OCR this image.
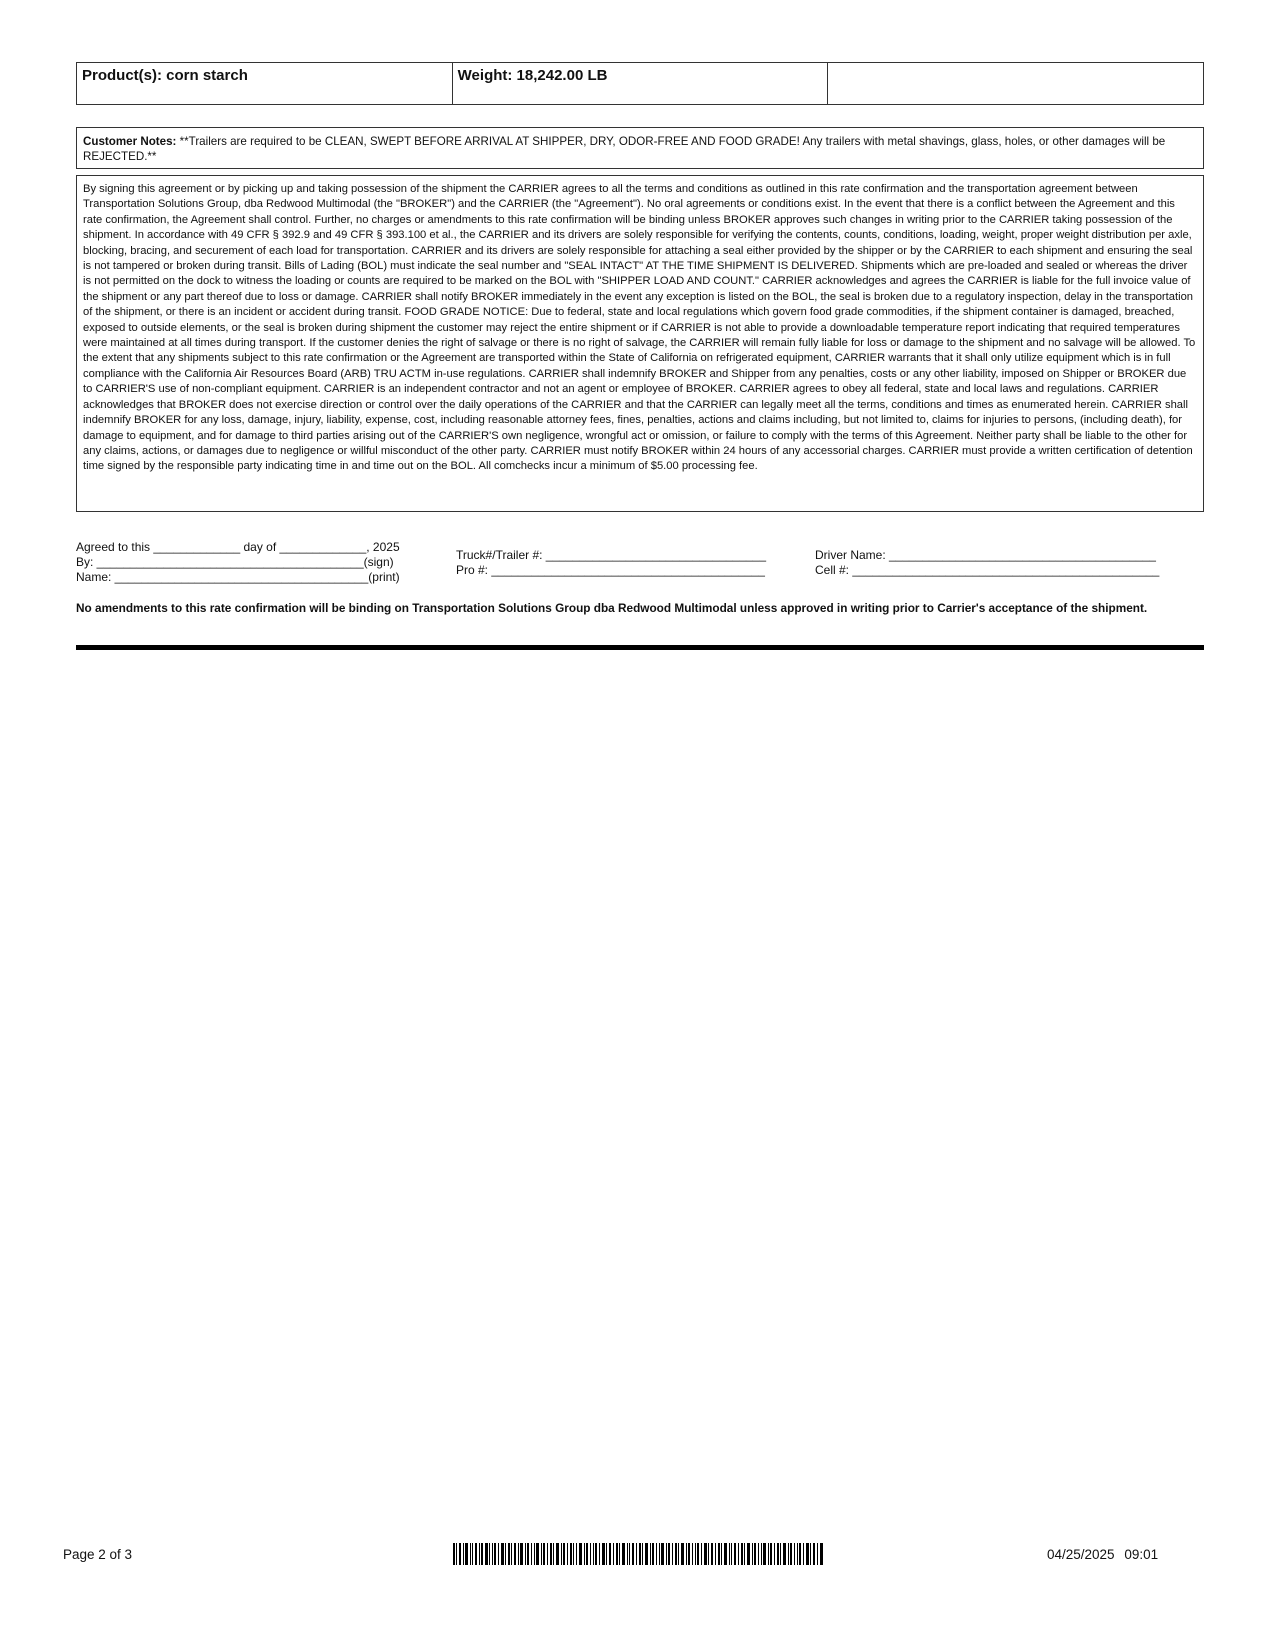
Product(s): corn starch	Weight: 18,242.00 LB
Customer Notes: **Trailers are required to be CLEAN, SWEPT BEFORE ARRIVAL AT SHIPPER, DRY, ODOR-FREE AND FOOD GRADE! Any trailers with metal shavings, glass, holes, or other damages will be REJECTED.**
By signing this agreement or by picking up and taking possession of the shipment the CARRIER agrees to all the terms and conditions as outlined in this rate confirmation and the transportation agreement between Transportation Solutions Group, dba Redwood Multimodal (the "BROKER") and the CARRIER (the "Agreement"). No oral agreements or conditions exist. In the event that there is a conflict between the Agreement and this rate confirmation, the Agreement shall control. Further, no charges or amendments to this rate confirmation will be binding unless BROKER approves such changes in writing prior to the CARRIER taking possession of the shipment. In accordance with 49 CFR § 392.9 and 49 CFR § 393.100 et al., the CARRIER and its drivers are solely responsible for verifying the contents, counts, conditions, loading, weight, proper weight distribution per axle, blocking, bracing, and securement of each load for transportation. CARRIER and its drivers are solely responsible for attaching a seal either provided by the shipper or by the CARRIER to each shipment and ensuring the seal is not tampered or broken during transit. Bills of Lading (BOL) must indicate the seal number and "SEAL INTACT" AT THE TIME SHIPMENT IS DELIVERED. Shipments which are pre-loaded and sealed or whereas the driver is not permitted on the dock to witness the loading or counts are required to be marked on the BOL with "SHIPPER LOAD AND COUNT." CARRIER acknowledges and agrees the CARRIER is liable for the full invoice value of the shipment or any part thereof due to loss or damage. CARRIER shall notify BROKER immediately in the event any exception is listed on the BOL, the seal is broken due to a regulatory inspection, delay in the transportation of the shipment, or there is an incident or accident during transit. FOOD GRADE NOTICE: Due to federal, state and local regulations which govern food grade commodities, if the shipment container is damaged, breached, exposed to outside elements, or the seal is broken during shipment the customer may reject the entire shipment or if CARRIER is not able to provide a downloadable temperature report indicating that required temperatures were maintained at all times during transport. If the customer denies the right of salvage or there is no right of salvage, the CARRIER will remain fully liable for loss or damage to the shipment and no salvage will be allowed. To the extent that any shipments subject to this rate confirmation or the Agreement are transported within the State of California on refrigerated equipment, CARRIER warrants that it shall only utilize equipment which is in full compliance with the California Air Resources Board (ARB) TRU ACTM in-use regulations. CARRIER shall indemnify BROKER and Shipper from any penalties, costs or any other liability, imposed on Shipper or BROKER due to CARRIER'S use of non-compliant equipment. CARRIER is an independent contractor and not an agent or employee of BROKER. CARRIER agrees to obey all federal, state and local laws and regulations. CARRIER acknowledges that BROKER does not exercise direction or control over the daily operations of the CARRIER and that the CARRIER can legally meet all the terms, conditions and times as enumerated herein. CARRIER shall indemnify BROKER for any loss, damage, injury, liability, expense, cost, including reasonable attorney fees, fines, penalties, actions and claims including, but not limited to, claims for injuries to persons, (including death), for damage to equipment, and for damage to third parties arising out of the CARRIER'S own negligence, wrongful act or omission, or failure to comply with the terms of this Agreement. Neither party shall be liable to the other for any claims, actions, or damages due to negligence or willful misconduct of the other party. CARRIER must notify BROKER within 24 hours of any accessorial charges. CARRIER must provide a written certification of detention time signed by the responsible party indicating time in and time out on the BOL. All comchecks incur a minimum of $5.00 processing fee.
Agreed to this _____________ day of _____________, 2025
By: ________________________________________(sign)
Name: ______________________________________(print)
Truck#/Trailer #: _________________________________
Pro #: _________________________________________
Driver Name: ________________________________________
Cell #: ______________________________________________
No amendments to this rate confirmation will be binding on Transportation Solutions Group dba Redwood Multimodal unless approved in writing prior to Carrier's acceptance of the shipment.
Page 2 of 3	04/25/2025 09:01
